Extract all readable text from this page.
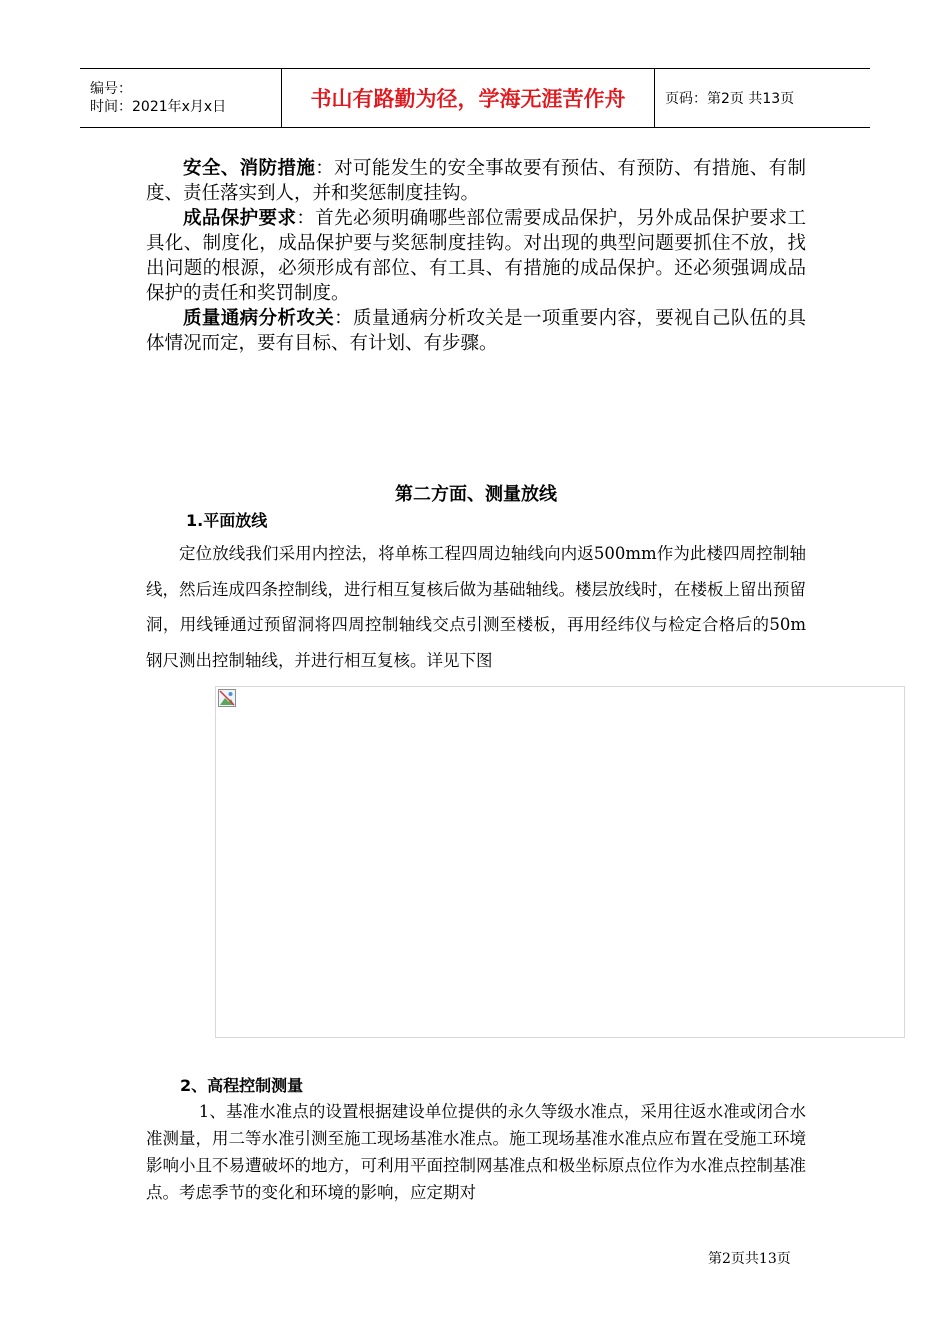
编号：
时间：2021年x月x日	书山有路勤为径，学海无涯苦作舟	页码：第2页 共13页
安全、消防措施：对可能发生的安全事故要有预估、有预防、有措施、有制度、责任落实到人，并和奖惩制度挂钩。
成品保护要求：首先必须明确哪些部位需要成品保护，另外成品保护要求工具化、制度化，成品保护要与奖惩制度挂钩。对出现的典型问题要抓住不放，找出问题的根源，必须形成有部位、有工具、有措施的成品保护。还必须强调成品保护的责任和奖罚制度。
质量通病分析攻关：质量通病分析攻关是一项重要内容，要视自己队伍的具体情况而定，要有目标、有计划、有步骤。
第二方面、测量放线
1.平面放线
定位放线我们采用内控法，将单栋工程四周边轴线向内返500mm作为此楼四周控制轴线，然后连成四条控制线，进行相互复核后做为基础轴线。楼层放线时，在楼板上留出预留洞，用线锤通过预留洞将四周控制轴线交点引测至楼板，再用经纬仪与检定合格后的50m钢尺测出控制轴线，并进行相互复核。详见下图
2、高程控制测量
1、基准水准点的设置根据建设单位提供的永久等级水准点，采用往返水准或闭合水准测量，用二等水准引测至施工现场基准水准点。施工现场基准水准点应布置在受施工环境影响小且不易遭破坏的地方，可利用平面控制网基准点和极坐标原点位作为水准点控制基准点。考虑季节的变化和环境的影响，应定期对
第2页共13页
